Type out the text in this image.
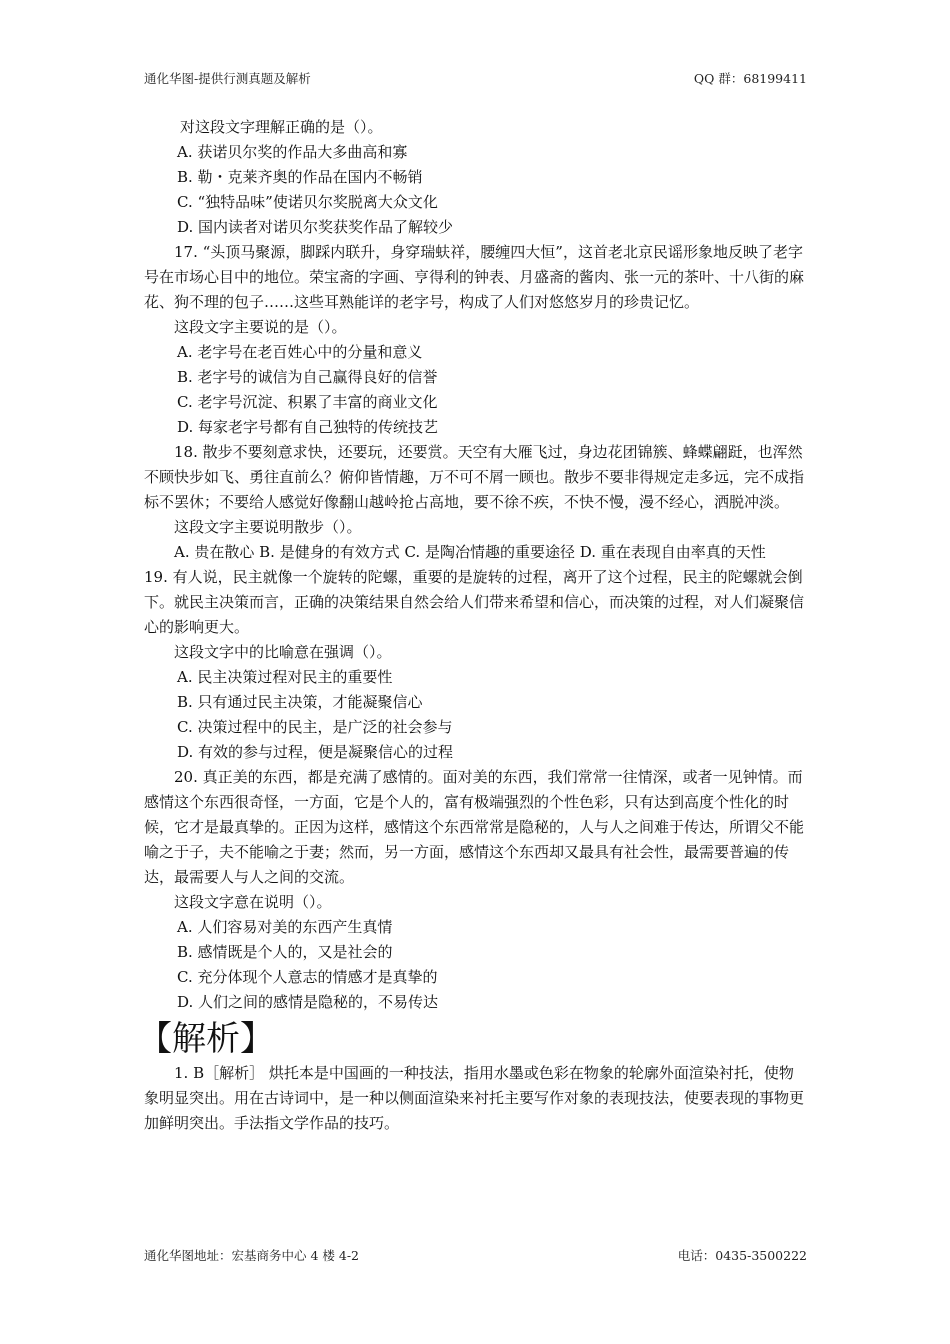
通化华图-提供行测真题及解析	QQ 群：68199411

对这段文字理解正确的是（）。

A. 获诺贝尔奖的作品大多曲高和寡

B. 勒・克莱齐奥的作品在国内不畅销

C. “独特品味”使诺贝尔奖脱离大众文化

D. 国内读者对诺贝尔奖获奖作品了解较少

17. “头顶马聚源，脚踩内联升，身穿瑞蚨祥，腰缠四大恒”，这首老北京民谣形象地反映了老字号在市场心目中的地位。荣宝斋的字画、亨得利的钟表、月盛斋的酱肉、张一元的茶叶、十八街的麻花、狗不理的包子……这些耳熟能详的老字号，构成了人们对悠悠岁月的珍贵记忆。

这段文字主要说的是（）。

A. 老字号在老百姓心中的分量和意义

B. 老字号的诚信为自己赢得良好的信誉

C. 老字号沉淀、积累了丰富的商业文化

D. 每家老字号都有自己独特的传统技艺

18. 散步不要刻意求快，还要玩，还要赏。天空有大雁飞过，身边花团锦簇、蜂蝶翩跹，也浑然不顾快步如飞、勇往直前么？俯仰皆情趣，万不可不屑一顾也。散步不要非得规定走多远，完不成指标不罢休；不要给人感觉好像翻山越岭抢占高地，要不徐不疾，不快不慢，漫不经心，洒脱冲淡。

这段文字主要说明散步（）。

A. 贵在散心 B. 是健身的有效方式 C. 是陶冶情趣的重要途径 D. 重在表现自由率真的天性

19. 有人说，民主就像一个旋转的陀螺，重要的是旋转的过程，离开了这个过程，民主的陀螺就会倒下。就民主决策而言，正确的决策结果自然会给人们带来希望和信心，而决策的过程，对人们凝聚信心的影响更大。

这段文字中的比喻意在强调（）。

A. 民主决策过程对民主的重要性

B. 只有通过民主决策，才能凝聚信心

C. 决策过程中的民主，是广泛的社会参与

D. 有效的参与过程，便是凝聚信心的过程

20. 真正美的东西，都是充满了感情的。面对美的东西，我们常常一往情深，或者一见钟情。而感情这个东西很奇怪，一方面，它是个人的，富有极端强烈的个性色彩，只有达到高度个性化的时候，它才是最真挚的。正因为这样，感情这个东西常常是隐秘的，人与人之间难于传达，所谓父不能喻之于子，夫不能喻之于妻；然而，另一方面，感情这个东西却又最具有社会性，最需要普遍的传达，最需要人与人之间的交流。

这段文字意在说明（）。

A. 人们容易对美的东西产生真情

B. 感情既是个人的，又是社会的

C. 充分体现个人意志的情感才是真挚的

D. 人们之间的感情是隐秘的，不易传达

【解析】

1. B［解析］ 烘托本是中国画的一种技法，指用水墨或色彩在物象的轮廓外面渲染衬托，使物象明显突出。用在古诗词中，是一种以侧面渲染来衬托主要写作对象的表现技法，使要表现的事物更加鲜明突出。手法指文学作品的技巧。

通化华图地址：宏基商务中心 4 楼 4-2	电话：0435-3500222
